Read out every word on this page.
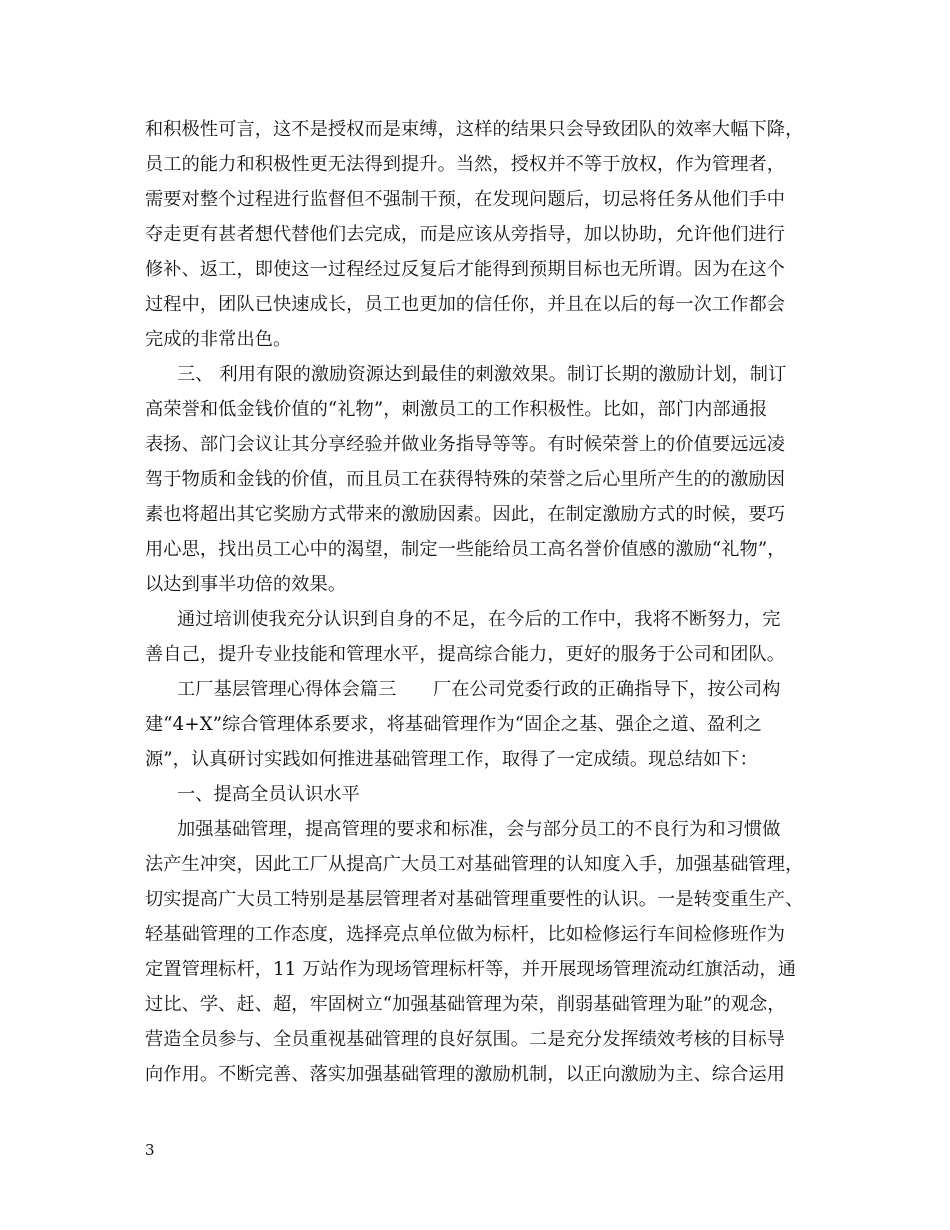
和积极性可言，这不是授权而是束缚，这样的结果只会导致团队的效率大幅下降，
员工的能力和积极性更无法得到提升。当然，授权并不等于放权，作为管理者，
需要对整个过程进行监督但不强制干预，在发现问题后，切忌将任务从他们手中
夺走更有甚者想代替他们去完成，而是应该从旁指导，加以协助，允许他们进行
修补、返工，即使这一过程经过反复后才能得到预期目标也无所谓。因为在这个
过程中，团队已快速成长，员工也更加的信任你，并且在以后的每一次工作都会
完成的非常出色。
三、 利用有限的激励资源达到最佳的刺激效果。制订长期的激励计划，制订
高荣誉和低金钱价值的“礼物”，刺激员工的工作积极性。比如，部门内部通报
表扬、部门会议让其分享经验并做业务指导等等。有时候荣誉上的价值要远远凌
驾于物质和金钱的价值，而且员工在获得特殊的荣誉之后心里所产生的的激励因
素也将超出其它奖励方式带来的激励因素。因此，在制定激励方式的时候，要巧
用心思，找出员工心中的渴望，制定一些能给员工高名誉价值感的激励“礼物”，
以达到事半功倍的效果。
通过培训使我充分认识到自身的不足，在今后的工作中，我将不断努力，完
善自己，提升专业技能和管理水平，提高综合能力，更好的服务于公司和团队。
工厂基层管理心得体会篇三　　厂在公司党委行政的正确指导下，按公司构
建“4+X”综合管理体系要求，将基础管理作为“固企之基、强企之道、盈利之
源”，认真研讨实践如何推进基础管理工作，取得了一定成绩。现总结如下：
一、提高全员认识水平
加强基础管理，提高管理的要求和标准，会与部分员工的不良行为和习惯做
法产生冲突，因此工厂从提高广大员工对基础管理的认知度入手，加强基础管理，
切实提高广大员工特别是基层管理者对基础管理重要性的认识。一是转变重生产、
轻基础管理的工作态度，选择亮点单位做为标杆，比如检修运行车间检修班作为
定置管理标杆，11 万站作为现场管理标杆等，并开展现场管理流动红旗活动，通
过比、学、赶、超，牢固树立“加强基础管理为荣，削弱基础管理为耻”的观念，
营造全员参与、全员重视基础管理的良好氛围。二是充分发挥绩效考核的目标导
向作用。不断完善、落实加强基础管理的激励机制，以正向激励为主、综合运用
3
